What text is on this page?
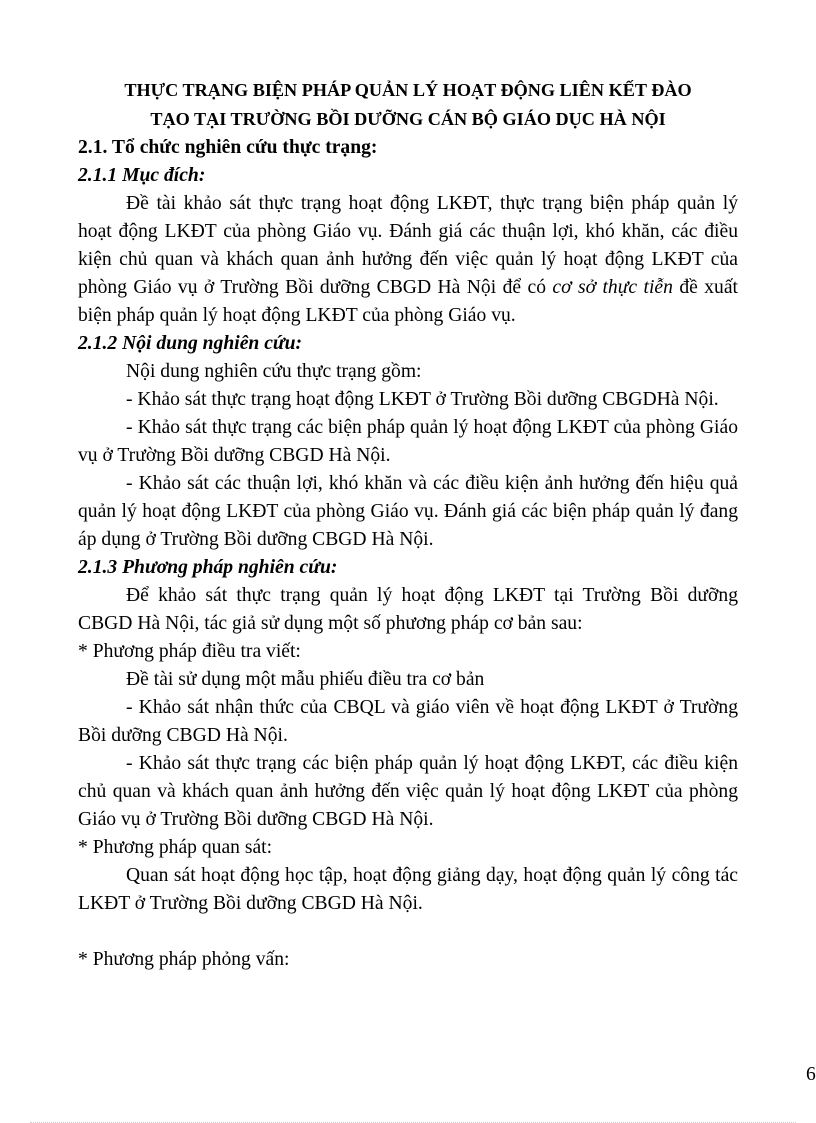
THỰC TRẠNG BIỆN PHÁP QUẢN LÝ HOẠT ĐỘNG LIÊN KẾT ĐÀO

TẠO TẠI TRƯỜNG BỒI DƯỠNG CÁN BỘ GIÁO DỤC HÀ NỘI

2.1. Tổ chức nghiên cứu thực trạng:

2.1.1 Mục đích:

Đề tài khảo sát thực trạng hoạt động LKĐT, thực trạng biện pháp quản lý hoạt động LKĐT của phòng Giáo vụ. Đánh giá các thuận lợi, khó khăn, các điều kiện chủ quan và khách quan ảnh hưởng đến việc quản lý hoạt động LKĐT của phòng Giáo vụ ở Trường Bồi dưỡng CBGD Hà Nội để có cơ sở thực tiễn đề xuất biện pháp quản lý hoạt động LKĐT của phòng Giáo vụ.

2.1.2 Nội dung nghiên cứu:

Nội dung nghiên cứu thực trạng gồm:

- Khảo sát thực trạng hoạt động LKĐT ở Trường Bồi dưỡng CBGDHà Nội.

- Khảo sát thực trạng các biện pháp quản lý hoạt động LKĐT của phòng Giáo vụ ở Trường Bồi dưỡng CBGD Hà Nội.

- Khảo sát các thuận lợi, khó khăn và các điều kiện ảnh hưởng đến hiệu quả quản lý hoạt động LKĐT của phòng Giáo vụ. Đánh giá các biện pháp quản lý đang áp dụng ở Trường Bồi dưỡng CBGD Hà Nội.

2.1.3 Phương pháp nghiên cứu:

Để khảo sát thực trạng quản lý hoạt động LKĐT tại Trường Bồi dưỡng CBGD Hà Nội, tác giả sử dụng một số phương pháp cơ bản sau:

* Phương pháp điều tra viết:

Đề tài sử dụng một mẫu phiếu điều tra cơ bản

- Khảo sát nhận thức của CBQL và giáo viên về hoạt động LKĐT ở Trường Bồi dưỡng CBGD Hà Nội.

- Khảo sát thực trạng các biện pháp quản lý hoạt động LKĐT, các điều kiện chủ quan và khách quan ảnh hưởng đến việc quản lý hoạt động LKĐT của phòng Giáo vụ ở Trường Bồi dưỡng CBGD Hà Nội.

* Phương pháp quan sát:

Quan sát hoạt động học tập, hoạt động giảng dạy, hoạt động quản lý công tác LKĐT ở Trường Bồi dưỡng CBGD Hà Nội.

* Phương pháp phỏng vấn:

6
